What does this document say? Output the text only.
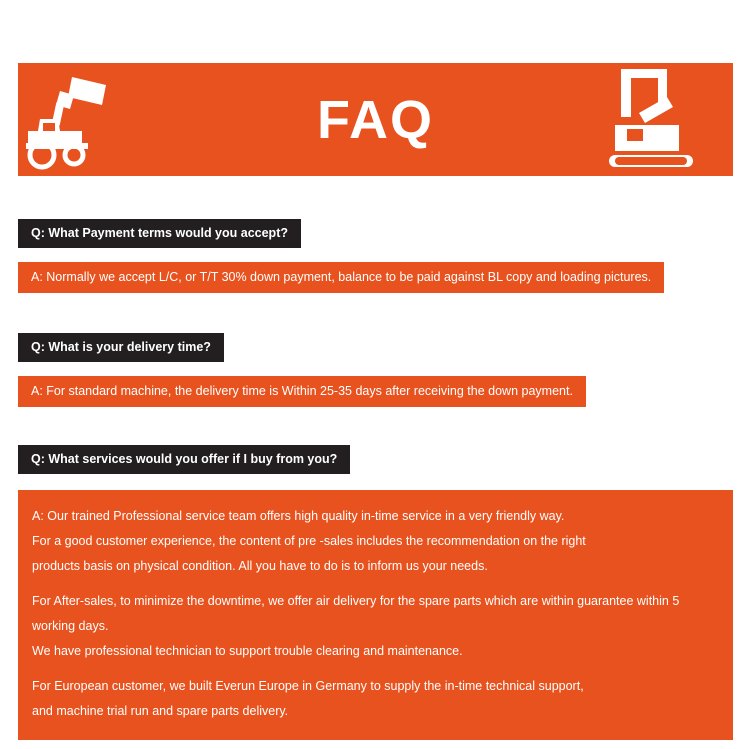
FAQ
Q: What Payment terms would you accept? A: Normally we accept L/C, or T/T 30% down payment, balance to be paid against BL copy and loading pictures.
Q: What is your delivery time? A: For standard machine, the delivery time is Within 25-35 days after receiving the down payment.
Q: What services would you offer if I buy from you?

A: Our trained Professional service team offers high quality in-time service in a very friendly way.

For a good customer experience, the content of pre -sales includes the recommendation on the right

products basis on physical condition. All you have to do is to inform us your needs.

For After-sales, to minimize the downtime, we offer air delivery for the spare parts which are within guarantee within 5 working days.

We have professional technician to support trouble clearing and maintenance.

For European customer, we built Everun Europe in Germany to supply the in-time technical support,

and machine trial run and spare parts delivery.
